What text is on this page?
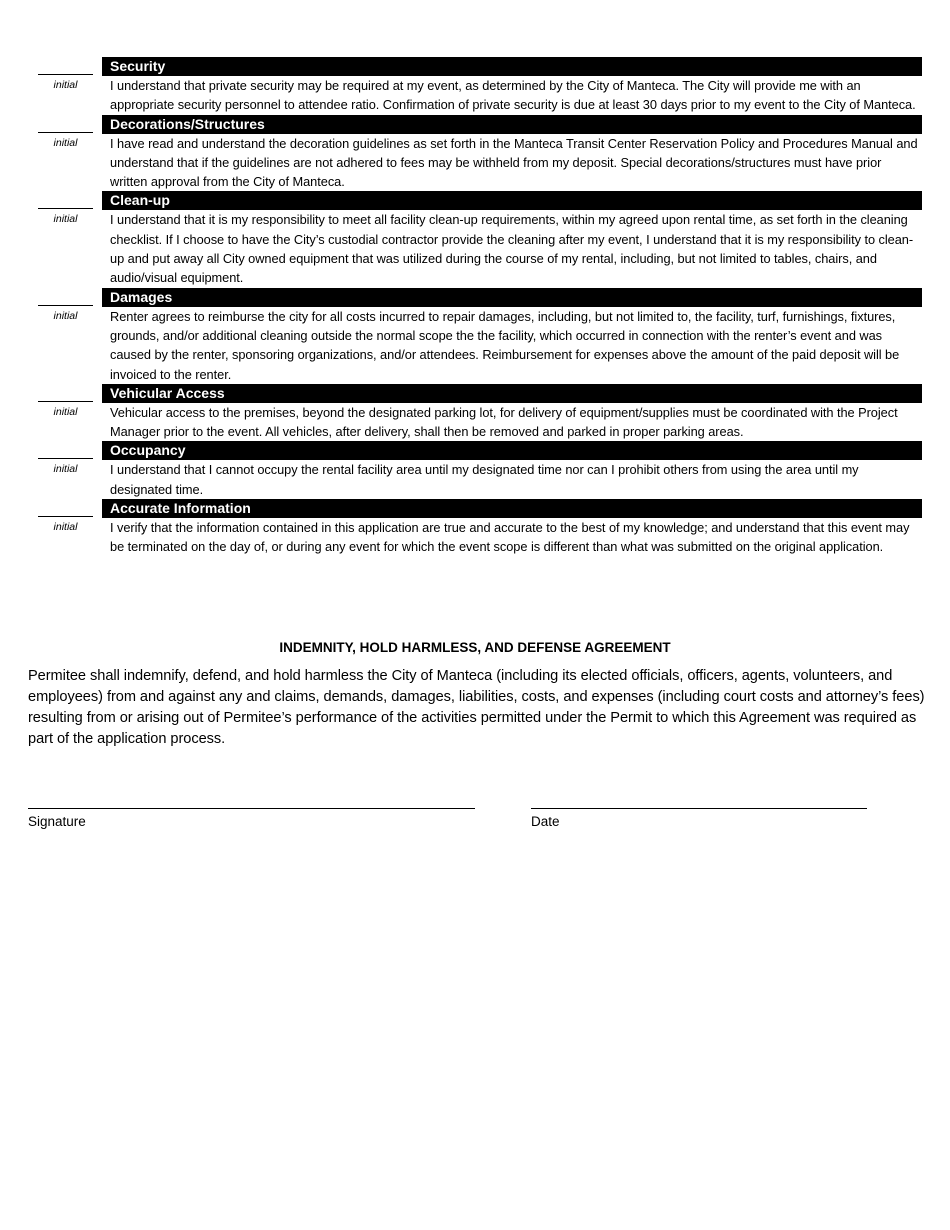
Security
initial	I understand that private security may be required at my event, as determined by the City of Manteca. The City will provide me with an appropriate security personnel to attendee ratio. Confirmation of private security is due at least 30 days prior to my event to the City of Manteca.
Decorations/Structures
initial	I have read and understand the decoration guidelines as set forth in the Manteca Transit Center Reservation Policy and Procedures Manual and understand that if the guidelines are not adhered to fees may be withheld from my deposit. Special decorations/structures must have prior written approval from the City of Manteca.
Clean-up
initial	I understand that it is my responsibility to meet all facility clean-up requirements, within my agreed upon rental time, as set forth in the cleaning checklist. If I choose to have the City’s custodial contractor provide the cleaning after my event, I understand that it is my responsibility to clean-up and put away all City owned equipment that was utilized during the course of my rental, including, but not limited to tables, chairs, and audio/visual equipment.
Damages
initial	Renter agrees to reimburse the city for all costs incurred to repair damages, including, but not limited to, the facility, turf, furnishings, fixtures, grounds, and/or additional cleaning outside the normal scope the the facility, which occurred in connection with the renter’s event and was caused by the renter, sponsoring organizations, and/or attendees. Reimbursement for expenses above the amount of the paid deposit will be invoiced to the renter.
Vehicular Access
initial	Vehicular access to the premises, beyond the designated parking lot, for delivery of equipment/supplies must be coordinated with the Project Manager prior to the event. All vehicles, after delivery, shall then be removed and parked in proper parking areas.
Occupancy
initial	I understand that I cannot occupy the rental facility area until my designated time nor can I prohibit others from using the area until my designated time.
Accurate Information
initial	I verify that the information contained in this application are true and accurate to the best of my knowledge; and understand that this event may be terminated on the day of, or during any event for which the event scope is different than what was submitted on the original application.
INDEMNITY, HOLD HARMLESS, AND DEFENSE AGREEMENT
Permitee shall indemnify, defend, and hold harmless the City of Manteca (including its elected officials, officers, agents, volunteers, and employees) from and against any and claims, demands, damages, liabilities, costs, and expenses (including court costs and attorney’s fees) resulting from or arising out of Permitee’s performance of the activities permitted under the Permit to which this Agreement was required as part of the application process.
Signature	Date
